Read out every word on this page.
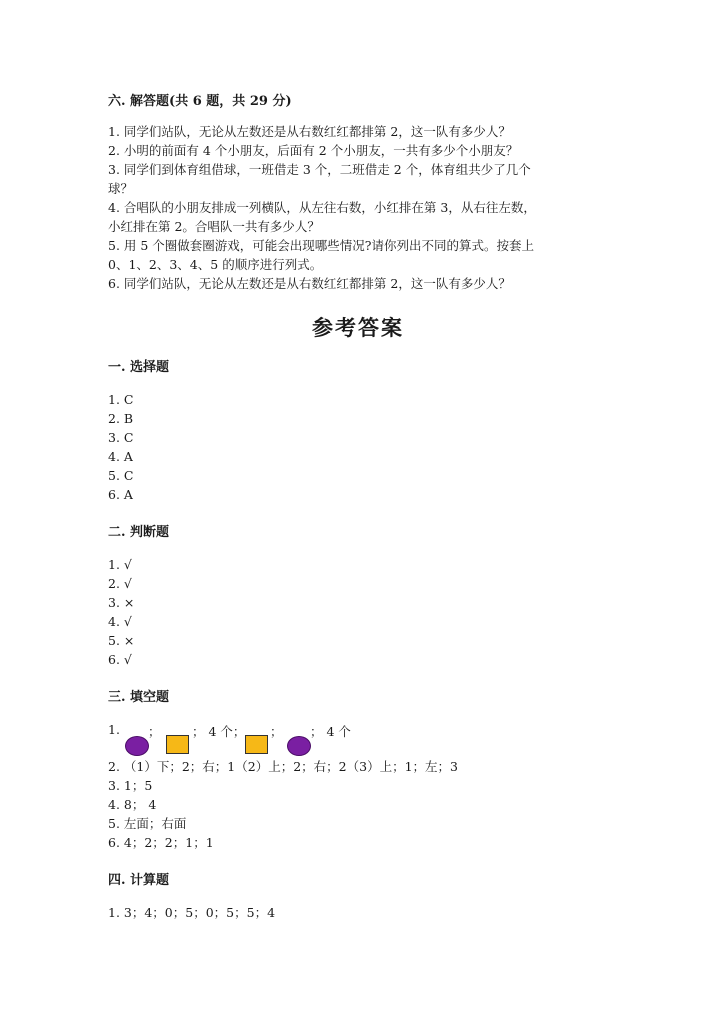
六. 解答题(共 6 题，共 29 分)
1. 同学们站队，无论从左数还是从右数红红都排第 2，这一队有多少人？
2. 小明的前面有 4 个小朋友，后面有 2 个小朋友，一共有多少个小朋友？
3. 同学们到体育组借球，一班借走 3 个，二班借走 2 个，体育组共少了几个
球？
4. 合唱队的小朋友排成一列横队，从左往右数，小红排在第 3，从右往左数，
小红排在第 2。合唱队一共有多少人？
5. 用 5 个圈做套圈游戏，可能会出现哪些情况?请你列出不同的算式。按套上
0、1、2、3、4、5 的顺序进行列式。
6. 同学们站队，无论从左数还是从右数红红都排第 2，这一队有多少人？
参考答案
一. 选择题
1. C
2. B
3. C
4. A
5. C
6. A
二. 判断题
1. √
2. √
3. ×
4. √
5. ×
6. √
三. 填空题
1. ；	； 4 个； ； ； 4 个
2. （1）下；2；右；1（2）上；2；右；2（3）上；1；左；3
3. 1；5
4. 8； 4
5. 左面；右面
6. 4；2；2；1；1
四. 计算题
1. 3；4；0；5；0；5；5；4
